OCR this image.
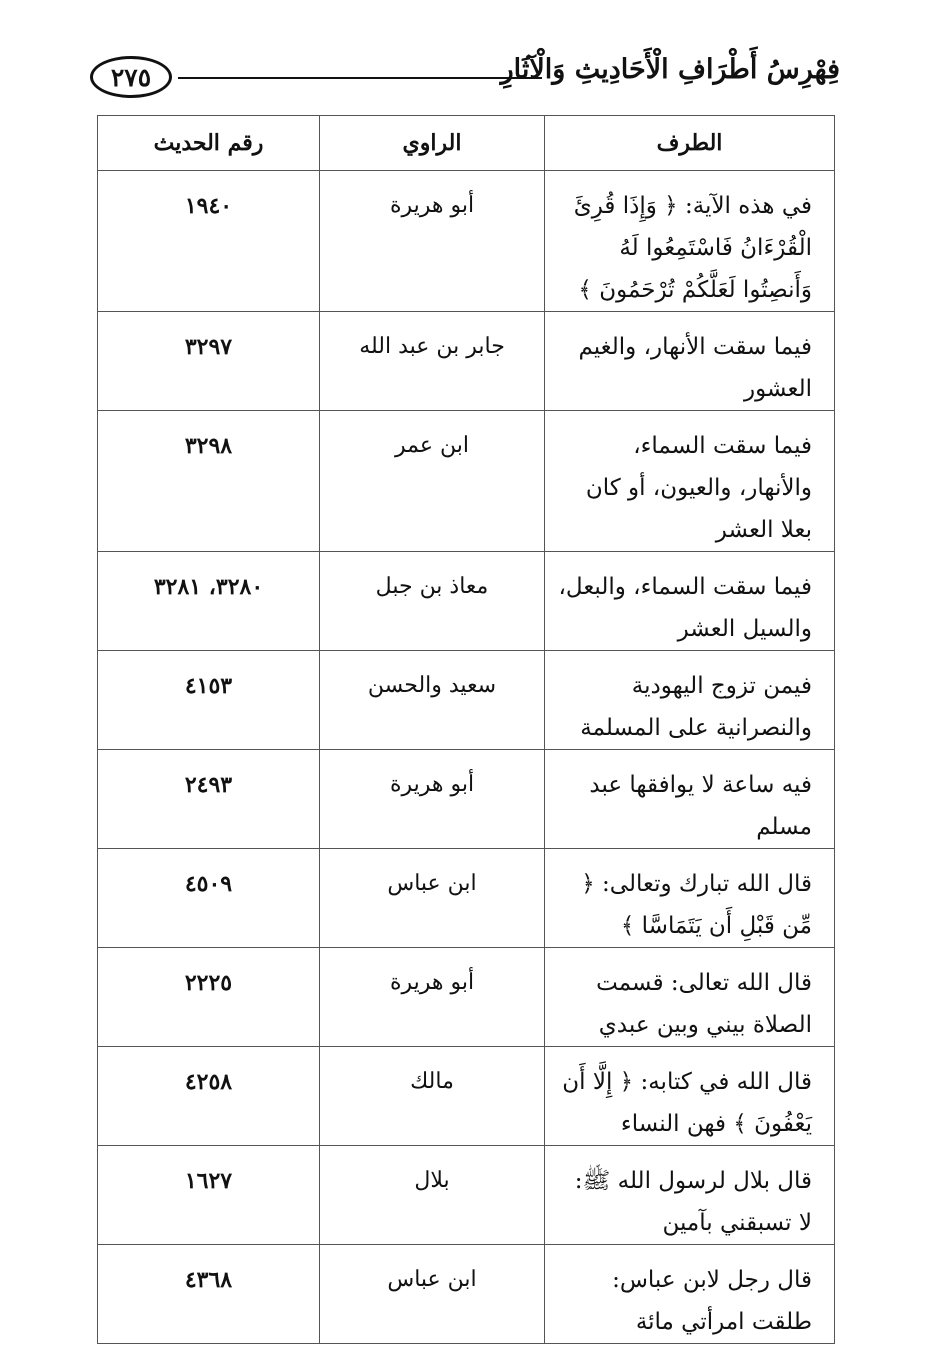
٢٧٥	فِهْرِسُ أَطْرَافِ الْأَحَادِيثِ وَالْآثَارِ
الطرف	الراوي	رقم الحديث
في هذه الآية: ﴿ وَإِذَا قُرِئَ الْقُرْءَانُ فَاسْتَمِعُوا لَهُ وَأَنصِتُوا لَعَلَّكُمْ تُرْحَمُونَ ﴾	أبو هريرة	١٩٤٠
فيما سقت الأنهار، والغيم العشور	جابر بن عبد الله	٣٢٩٧
فيما سقت السماء، والأنهار، والعيون، أو كان بعلا العشر	ابن عمر	٣٢٩٨
فيما سقت السماء، والبعل، والسيل العشر	معاذ بن جبل	٣٢٨٠، ٣٢٨١
فيمن تزوج اليهودية والنصرانية على المسلمة	سعيد والحسن	٤١٥٣
فيه ساعة لا يوافقها عبد مسلم	أبو هريرة	٢٤٩٣
قال الله تبارك وتعالى: ﴿ مِّن قَبْلِ أَن يَتَمَاسَّا ﴾	ابن عباس	٤٥٠٩
قال الله تعالى: قسمت الصلاة بيني وبين عبدي	أبو هريرة	٢٢٢٥
قال الله في كتابه: ﴿ إِلَّا أَن يَعْفُونَ ﴾ فهن النساء	مالك	٤٢٥٨
قال بلال لرسول الله ﷺ: لا تسبقني بآمين	بلال	١٦٢٧
قال رجل لابن عباس: طلقت امرأتي مائة	ابن عباس	٤٣٦٨
